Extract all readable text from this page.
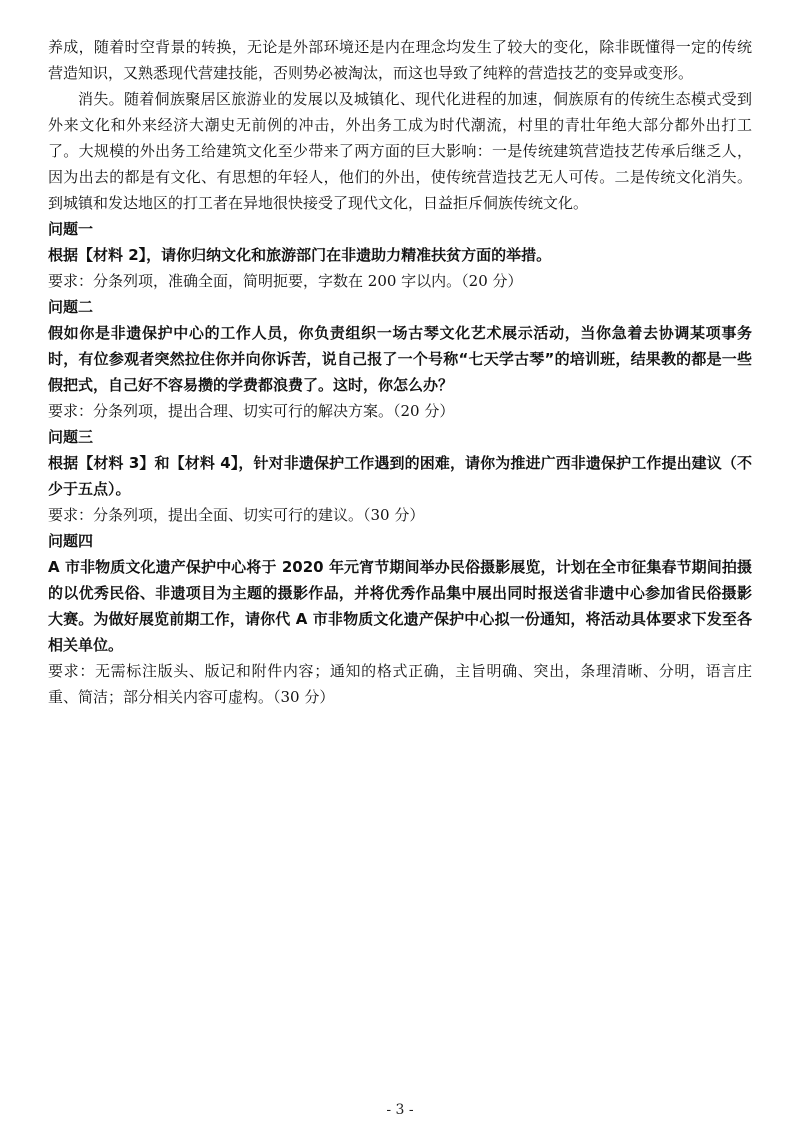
养成，随着时空背景的转换，无论是外部环境还是内在理念均发生了较大的变化，除非既懂得一定的传统营造知识，又熟悉现代营建技能，否则势必被淘汰，而这也导致了纯粹的营造技艺的变异或变形。

消失。随着侗族聚居区旅游业的发展以及城镇化、现代化进程的加速，侗族原有的传统生态模式受到外来文化和外来经济大潮史无前例的冲击，外出务工成为时代潮流，村里的青壮年绝大部分都外出打工了。大规模的外出务工给建筑文化至少带来了两方面的巨大影响：一是传统建筑营造技艺传承后继乏人，因为出去的都是有文化、有思想的年轻人，他们的外出，使传统营造技艺无人可传。二是传统文化消失。到城镇和发达地区的打工者在异地很快接受了现代文化，日益拒斥侗族传统文化。

问题一

根据【材料 2】，请你归纳文化和旅游部门在非遗助力精准扶贫方面的举措。

要求：分条列项，准确全面，简明扼要，字数在 200 字以内。（20 分）

问题二

假如你是非遗保护中心的工作人员，你负责组织一场古琴文化艺术展示活动，当你急着去协调某项事务时，有位参观者突然拉住你并向你诉苦，说自己报了一个号称“七天学古琴”的培训班，结果教的都是一些假把式，自己好不容易攒的学费都浪费了。这时，你怎么办？

要求：分条列项，提出合理、切实可行的解决方案。（20 分）

问题三

根据【材料 3】和【材料 4】，针对非遗保护工作遇到的困难，请你为推进广西非遗保护工作提出建议（不少于五点）。

要求：分条列项，提出全面、切实可行的建议。（30 分）

问题四

A 市非物质文化遗产保护中心将于 2020 年元宵节期间举办民俗摄影展览，计划在全市征集春节期间拍摄的以优秀民俗、非遗项目为主题的摄影作品，并将优秀作品集中展出同时报送省非遗中心参加省民俗摄影大赛。为做好展览前期工作，请你代 A 市非物质文化遗产保护中心拟一份通知，将活动具体要求下发至各相关单位。

要求：无需标注版头、版记和附件内容；通知的格式正确，主旨明确、突出，条理清晰、分明，语言庄重、简洁；部分相关内容可虚构。（30 分）

- 3 -
